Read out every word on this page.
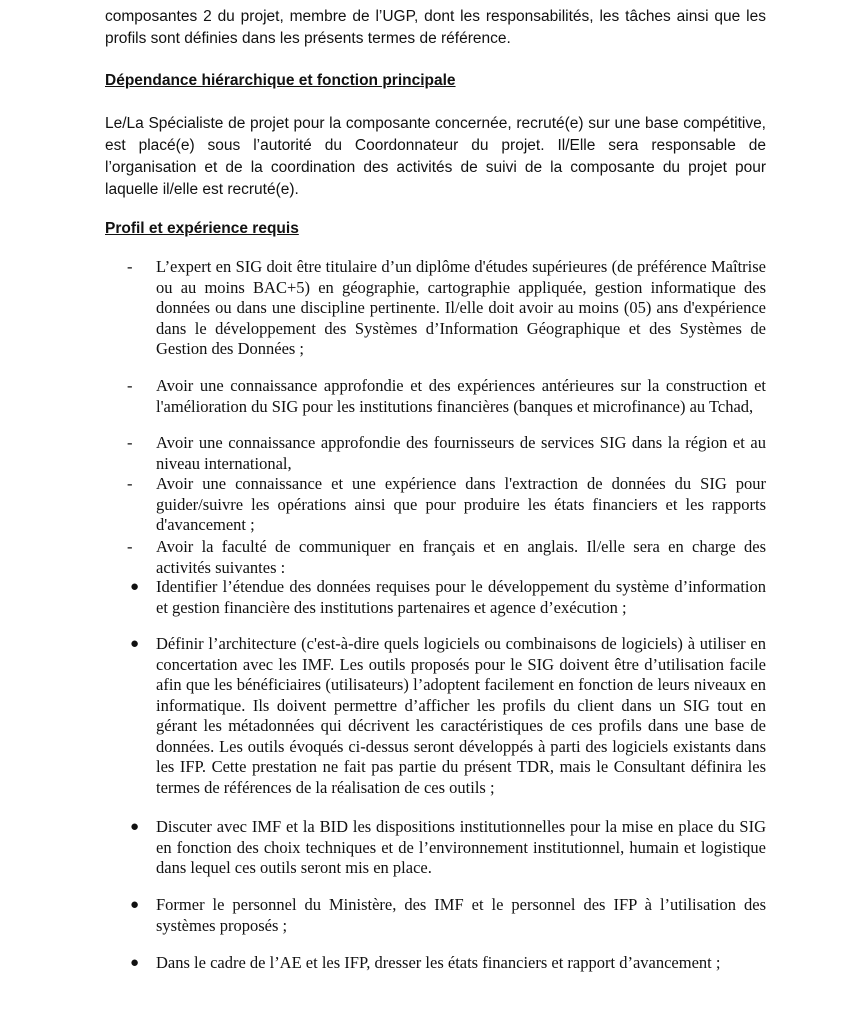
composantes 2 du projet, membre de l’UGP, dont les responsabilités, les tâches ainsi que les profils sont définies dans les présents termes de référence.

Dépendance hiérarchique et fonction principale

Le/La Spécialiste de projet pour la composante concernée, recruté(e) sur une base compétitive, est placé(e) sous l’autorité du Coordonnateur du projet. Il/Elle sera responsable de l’organisation et de la coordination des activités de suivi de la composante du projet pour laquelle il/elle est recruté(e).

Profil et expérience requis
- L’expert en SIG doit être titulaire d’un diplôme d'études supérieures (de préférence Maîtrise ou au moins BAC+5) en géographie, cartographie appliquée, gestion informatique des données ou dans une discipline pertinente. Il/elle doit avoir au moins (05) ans d'expérience dans le développement des Systèmes d’Information Géographique et des Systèmes de Gestion des Données ;
- Avoir une connaissance approfondie et des expériences antérieures sur la construction et l'amélioration du SIG pour les institutions financières (banques et microfinance) au Tchad,
- Avoir une connaissance approfondie des fournisseurs de services SIG dans la région et au niveau international,
- Avoir une connaissance et une expérience dans l'extraction de données du SIG pour guider/suivre les opérations ainsi que pour produire les états financiers et les rapports d'avancement ;
- Avoir la faculté de communiquer en français et en anglais. Il/elle sera en charge des activités suivantes :
● Identifier l’étendue des données requises pour le développement du système d’information et gestion financière des institutions partenaires et agence d’exécution ;
● Définir l’architecture (c'est-à-dire quels logiciels ou combinaisons de logiciels) à utiliser en concertation avec les IMF. Les outils proposés pour le SIG doivent être d’utilisation facile afin que les bénéficiaires (utilisateurs) l’adoptent facilement en fonction de leurs niveaux en informatique. Ils doivent permettre d’afficher les profils du client dans un SIG tout en gérant les métadonnées qui décrivent les caractéristiques de ces profils dans une base de données. Les outils évoqués ci-dessus seront développés à parti des logiciels existants dans les IFP. Cette prestation ne fait pas partie du présent TDR, mais le Consultant définira les termes de références de la réalisation de ces outils ;
● Discuter avec IMF et la BID les dispositions institutionnelles pour la mise en place du SIG en fonction des choix techniques et de l’environnement institutionnel, humain et logistique dans lequel ces outils seront mis en place.
● Former le personnel du Ministère, des IMF et le personnel des IFP à l’utilisation des systèmes proposés ;
● Dans le cadre de l’AE et les IFP, dresser les états financiers et rapport d’avancement ;
